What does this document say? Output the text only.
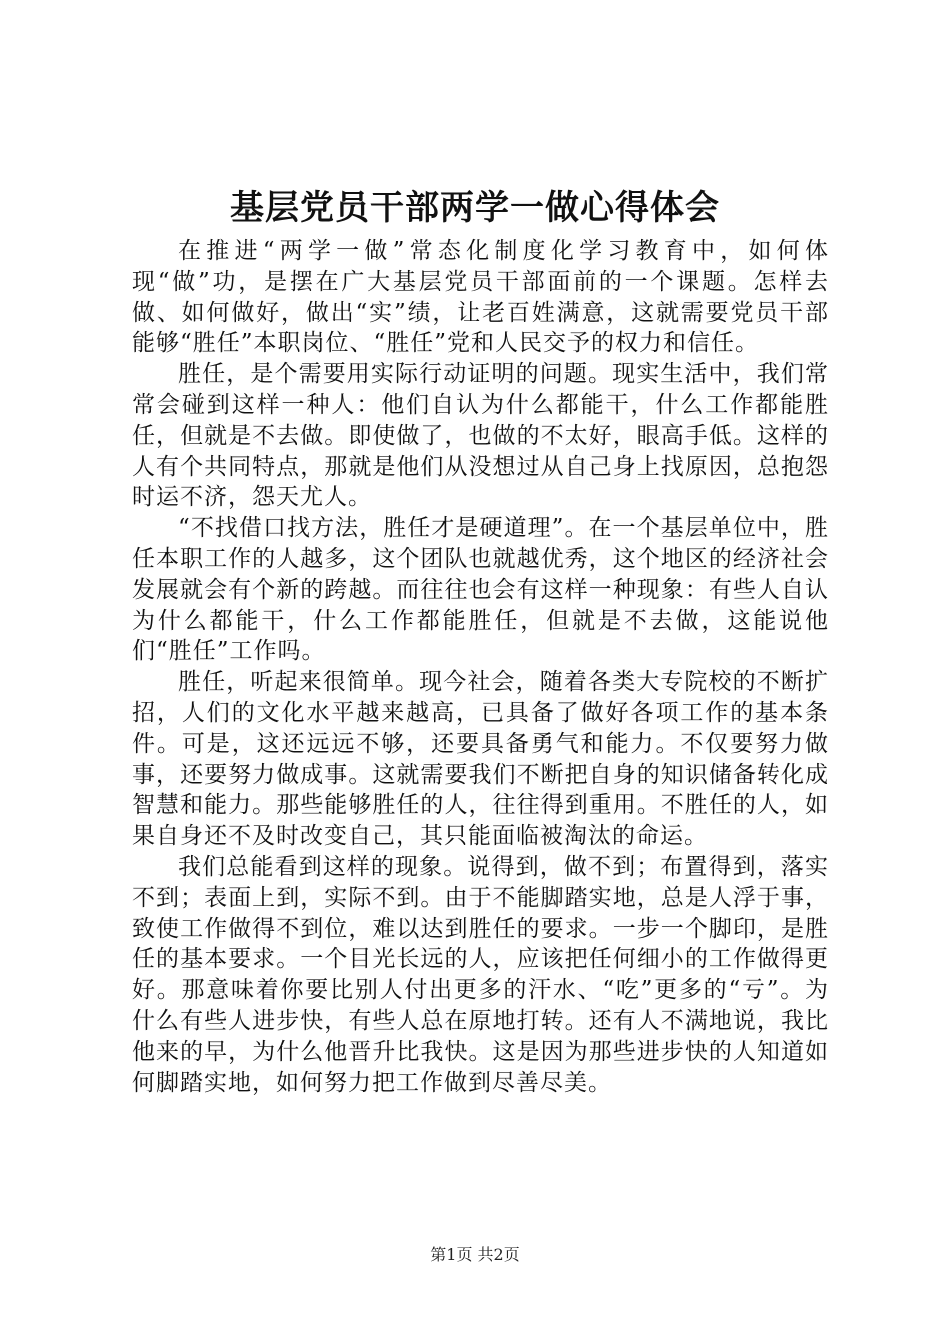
基层党员干部两学一做心得体会

在推进“两学一做”常态化制度化学习教育中，如何体现“做”功，是摆在广大基层党员干部面前的一个课题。怎样去做、如何做好，做出“实”绩，让老百姓满意，这就需要党员干部能够“胜任”本职岗位、“胜任”党和人民交予的权力和信任。

胜任，是个需要用实际行动证明的问题。现实生活中，我们常常会碰到这样一种人：他们自认为什么都能干，什么工作都能胜任，但就是不去做。即使做了，也做的不太好，眼高手低。这样的人有个共同特点，那就是他们从没想过从自己身上找原因，总抱怨时运不济，怨天尤人。

“不找借口找方法，胜任才是硬道理”。在一个基层单位中，胜任本职工作的人越多，这个团队也就越优秀，这个地区的经济社会发展就会有个新的跨越。而往往也会有这样一种现象：有些人自认为什么都能干，什么工作都能胜任，但就是不去做，这能说他们“胜任”工作吗。

胜任，听起来很简单。现今社会，随着各类大专院校的不断扩招，人们的文化水平越来越高，已具备了做好各项工作的基本条件。可是，这还远远不够，还要具备勇气和能力。不仅要努力做事，还要努力做成事。这就需要我们不断把自身的知识储备转化成智慧和能力。那些能够胜任的人，往往得到重用。不胜任的人，如果自身还不及时改变自己，其只能面临被淘汰的命运。

我们总能看到这样的现象。说得到，做不到；布置得到，落实不到；表面上到，实际不到。由于不能脚踏实地，总是人浮于事，致使工作做得不到位，难以达到胜任的要求。一步一个脚印，是胜任的基本要求。一个目光长远的人，应该把任何细小的工作做得更好。那意味着你要比别人付出更多的汗水、“吃”更多的“亏”。为什么有些人进步快，有些人总在原地打转。还有人不满地说，我比他来的早，为什么他晋升比我快。这是因为那些进步快的人知道如何脚踏实地，如何努力把工作做到尽善尽美。

第1页 共2页
